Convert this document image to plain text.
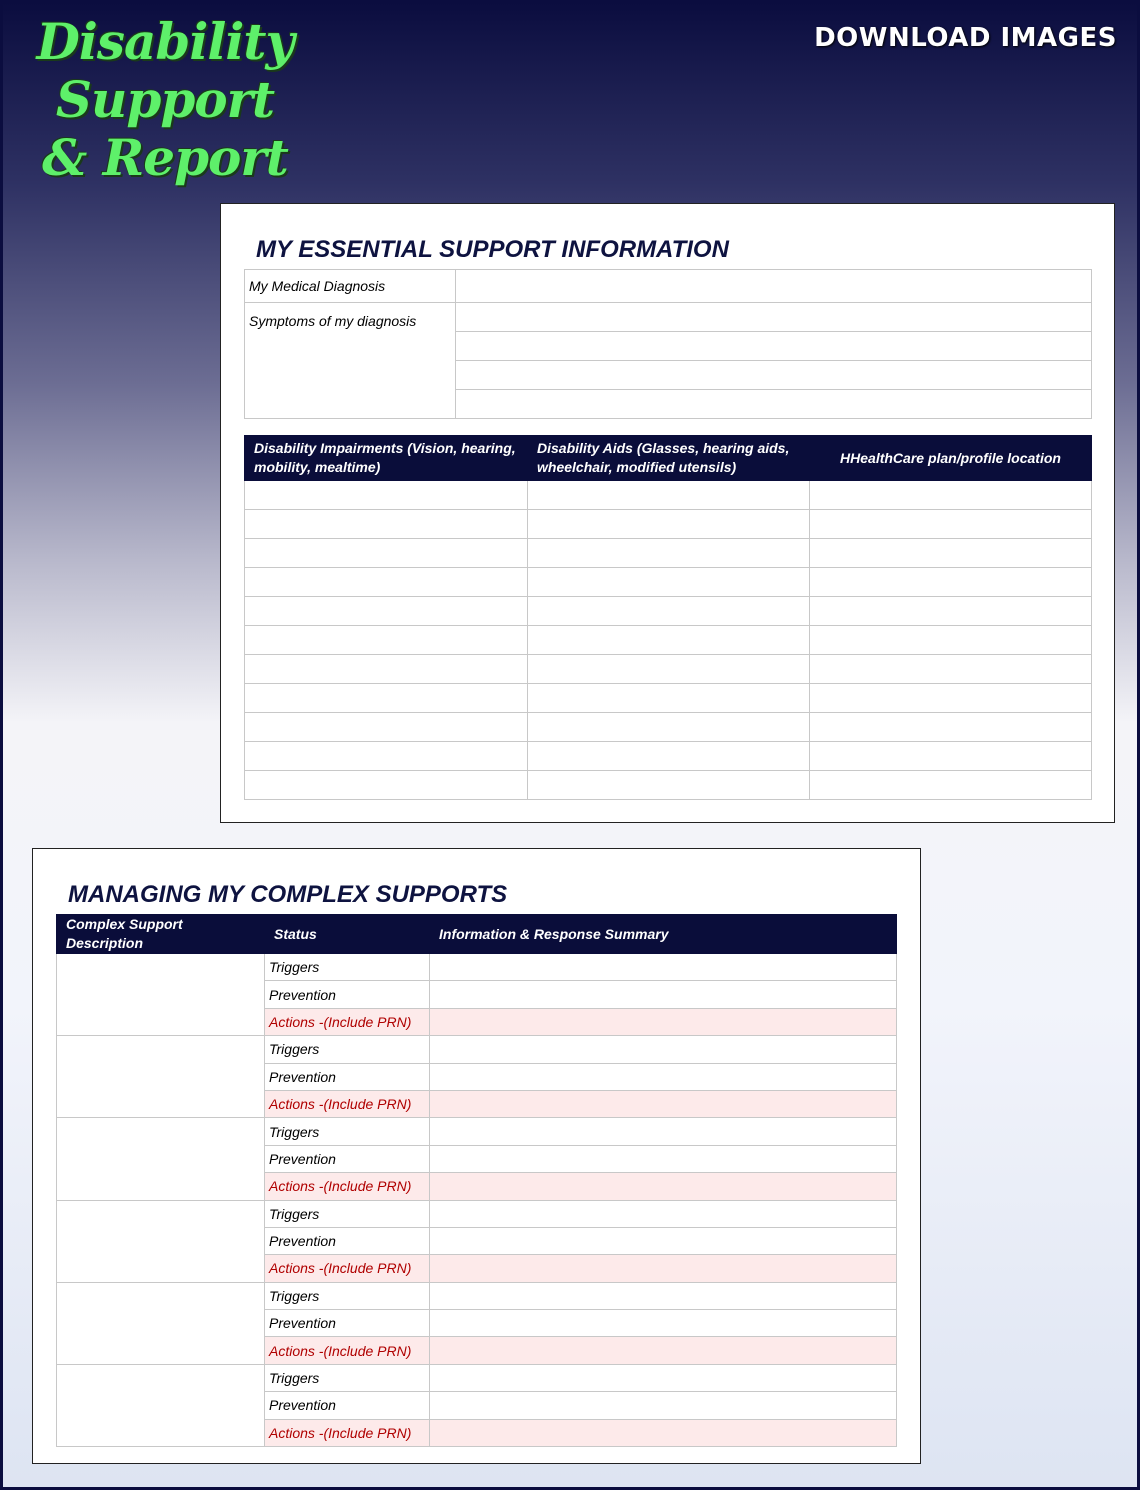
Disability
Support
& Report
DOWNLOAD IMAGES
MY ESSENTIAL SUPPORT INFORMATION
My Medical Diagnosis	
Symptoms of my diagnosis	

Disability Impairments (Vision, hearing, mobility, mealtime)	Disability Aids (Glasses, hearing aids, wheelchair, modified utensils)	HHealthCare plan/profile location

MANAGING MY COMPLEX SUPPORTS
Complex Support Description	Status	Information & Response Summary
	Triggers	
	Prevention	
	Actions -(Include PRN)	
	Triggers	
	Prevention	
	Actions -(Include PRN)	
	Triggers	
	Prevention	
	Actions -(Include PRN)	
	Triggers	
	Prevention	
	Actions -(Include PRN)	
	Triggers	
	Prevention	
	Actions -(Include PRN)	
	Triggers	
	Prevention	
	Actions -(Include PRN)	
